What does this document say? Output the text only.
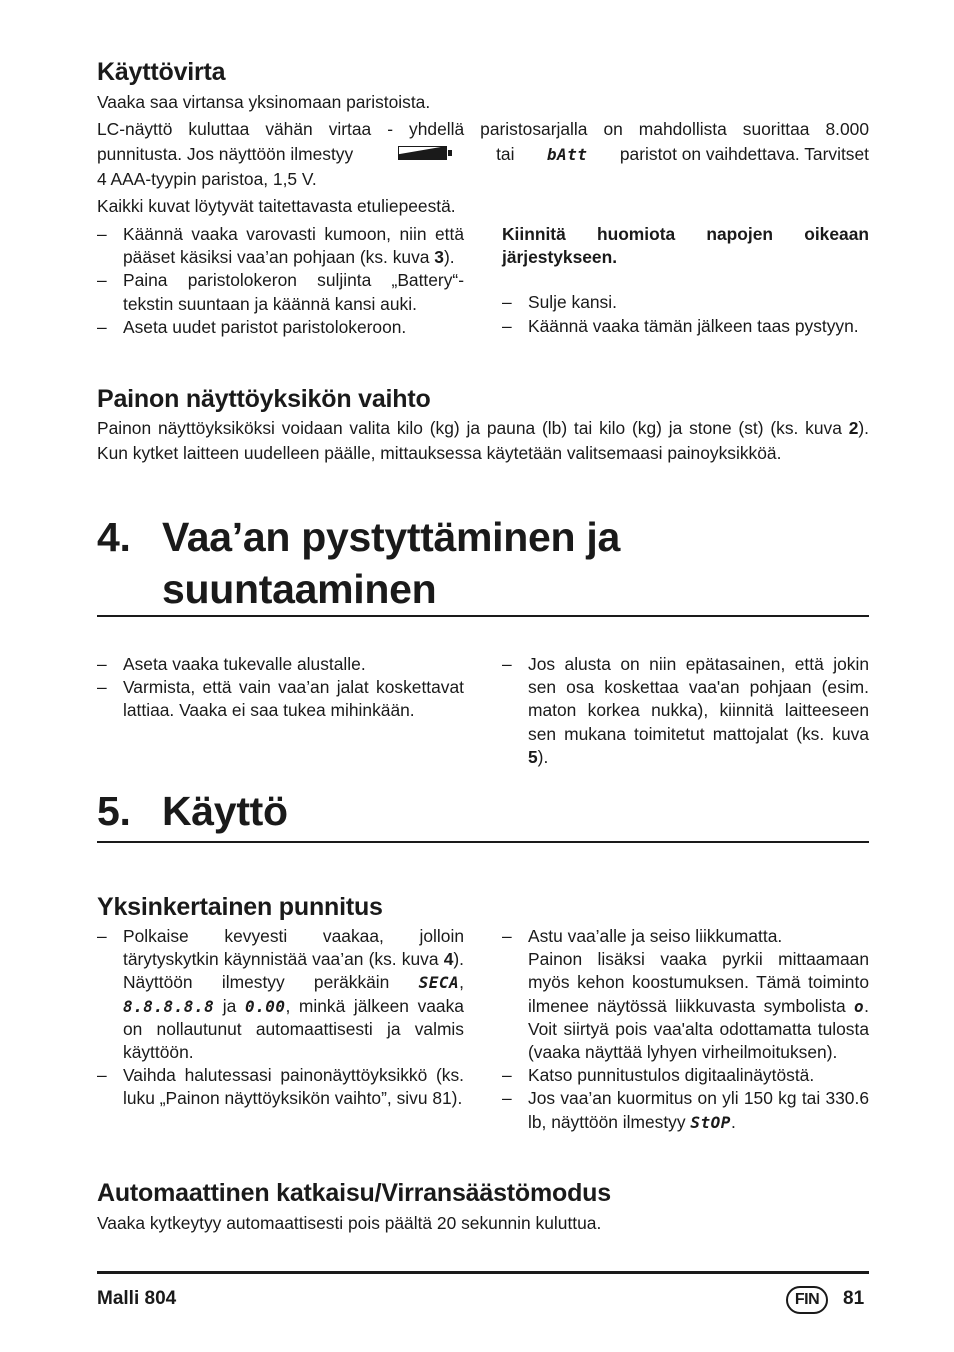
Käyttövirta
Vaaka saa virtansa yksinomaan paristoista.
LC-näyttö kuluttaa vähän virtaa - yhdellä paristosarjalla on mahdollista suorittaa 8.000
punnitusta. Jos näyttöön ilmestyy	tai bAtt paristot on vaihdettava. Tarvitset
4 AAA-tyypin paristoa, 1,5 V.
Kaikki kuvat löytyvät taitettavasta etuliepeestä.
– Käännä vaaka varovasti kumoon, niin että pääset käsiksi vaa’an pohjaan (ks. kuva 3).
– Paina paristolokeron suljinta „Battery“-tekstin suuntaan ja käännä kansi auki.
– Aseta uudet paristot paristolokeroon.
Kiinnitä huomiota napojen oikeaan järjestykseen.
– Sulje kansi.
– Käännä vaaka tämän jälkeen taas pystyyn.
Painon näyttöyksikön vaihto
Painon näyttöyksiköksi voidaan valita kilo (kg) ja pauna (lb) tai kilo (kg) ja stone (st) (ks. kuva 2). Kun kytket laitteen uudelleen päälle, mittauksessa käytetään valitsemaasi painoyksikköä.
4. Vaa’an pystyttäminen ja
suuntaaminen
– Aseta vaaka tukevalle alustalle.
– Varmista, että vain vaa’an jalat koskettavat lattiaa. Vaaka ei saa tukea mihinkään.
– Jos alusta on niin epätasainen, että jokin sen osa koskettaa vaa'an pohjaan (esim. maton korkea nukka), kiinnitä laitteeseen sen mukana toimitetut mattojalat (ks. kuva 5).
5. Käyttö
Yksinkertainen punnitus
– Polkaise kevyesti vaakaa, jolloin tärytyskytkin käynnistää vaa’an (ks. kuva 4). Näyttöön ilmestyy peräkkäin SECA, 8.8.8.8.8 ja 0.00, minkä jälkeen vaaka on nollautunut automaattisesti ja valmis käyttöön.
– Vaihda halutessasi painonäyttöyksikkö (ks. luku „Painon näyttöyksikön vaihto”, sivu 81).
– Astu vaa’alle ja seiso liikkumatta.
Painon lisäksi vaaka pyrkii mittaamaan myös kehon koostumuksen. Tämä toiminto ilmenee näytössä liikkuvasta symbolista o. Voit siirtyä pois vaa'alta odottamatta tulosta (vaaka näyttää lyhyen virheilmoituksen).
– Katso punnitustulos digitaalinäytöstä.
– Jos vaa’an kuormitus on yli 150 kg tai 330.6 lb, näyttöön ilmestyy StOP.
Automaattinen katkaisu/Virransäästömodus
Vaaka kytkeytyy automaattisesti pois päältä 20 sekunnin kuluttua.
Malli 804	FIN	81
